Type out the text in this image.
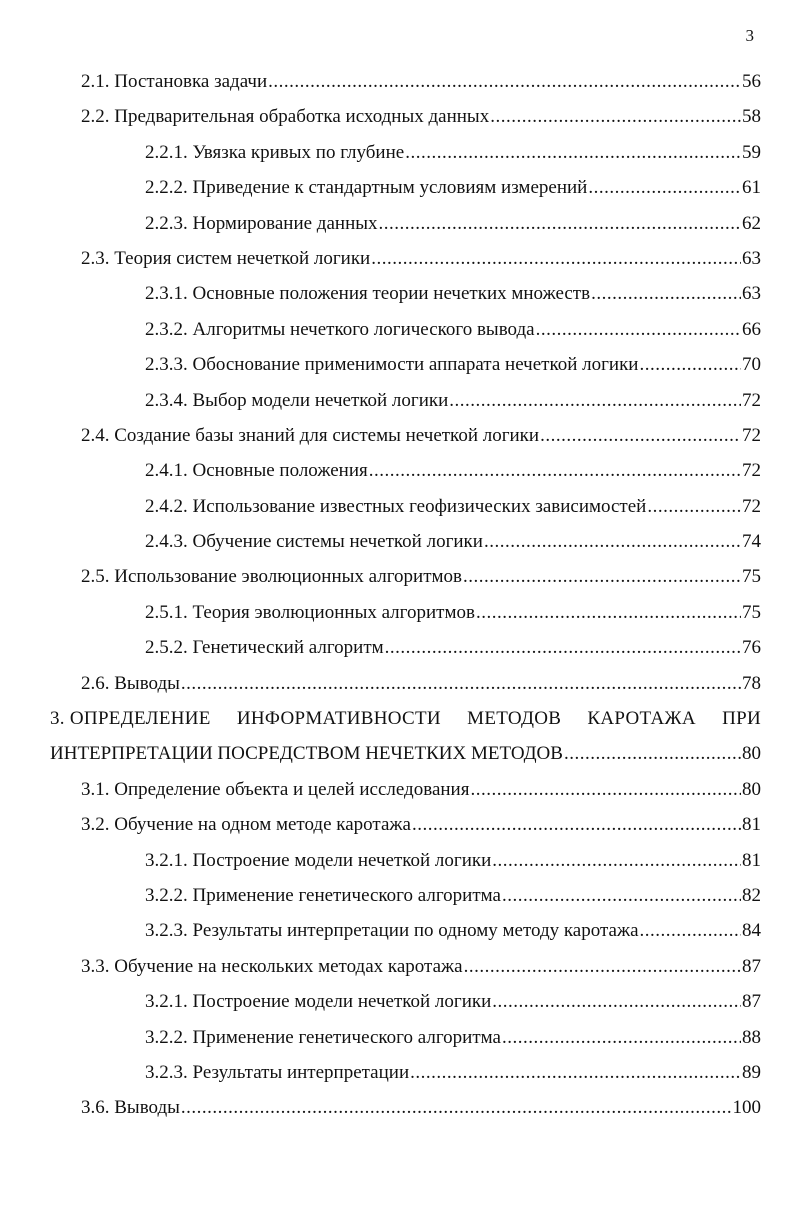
3
2.1. Постановка задачи .....	56
2.2. Предварительная обработка исходных данных .....	58
2.2.1. Увязка кривых по глубине .....	59
2.2.2. Приведение к стандартным условиям измерений .....	61
2.2.3. Нормирование данных .....	62
2.3. Теория систем нечеткой логики .....	63
2.3.1. Основные положения теории нечетких множеств .....	63
2.3.2. Алгоритмы нечеткого логического вывода .....	66
2.3.3. Обоснование применимости аппарата нечеткой логики .....	70
2.3.4. Выбор модели нечеткой логики .....	72
2.4. Создание базы знаний для системы нечеткой логики .....	72
2.4.1. Основные положения .....	72
2.4.2. Использование известных геофизических зависимостей .....	72
2.4.3. Обучение системы нечеткой логики .....	74
2.5. Использование эволюционных алгоритмов .....	75
2.5.1. Теория эволюционных алгоритмов .....	75
2.5.2. Генетический алгоритм .....	76
2.6. Выводы .....	78
3. ОПРЕДЕЛЕНИЕ ИНФОРМАТИВНОСТИ МЕТОДОВ КАРОТАЖА ПРИ
ИНТЕРПРЕТАЦИИ ПОСРЕДСТВОМ НЕЧЕТКИХ МЕТОДОВ .....	80
3.1. Определение объекта и целей исследования .....	80
3.2. Обучение на одном методе каротажа .....	81
3.2.1. Построение модели нечеткой логики .....	81
3.2.2. Применение генетического алгоритма .....	82
3.2.3. Результаты интерпретации по одному методу каротажа .....	84
3.3. Обучение на нескольких методах каротажа .....	87
3.2.1. Построение модели нечеткой логики .....	87
3.2.2. Применение генетического алгоритма .....	88
3.2.3. Результаты интерпретации .....	89
3.6. Выводы .....	100
